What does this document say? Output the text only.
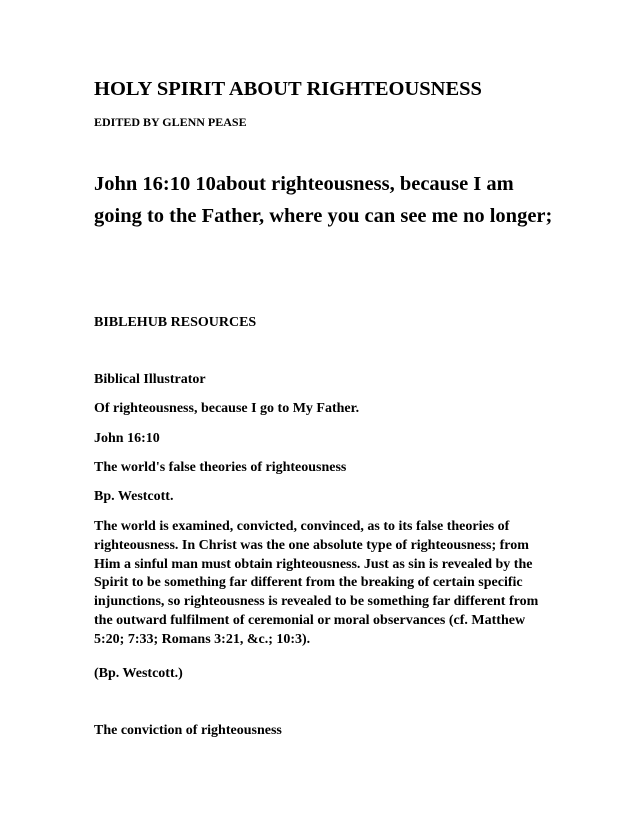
HOLY SPIRIT ABOUT RIGHTEOUSNESS

EDITED BY GLENN PEASE

John 16:10 10about righteousness, because I am going to the Father, where you can see me no longer;

BIBLEHUB RESOURCES

Biblical Illustrator

Of righteousness, because I go to My Father.

John 16:10

The world's false theories of righteousness

Bp. Westcott.

The world is examined, convicted, convinced, as to its false theories of righteousness. In Christ was the one absolute type of righteousness; from Him a sinful man must obtain righteousness. Just as sin is revealed by the Spirit to be something far different from the breaking of certain specific injunctions, so righteousness is revealed to be something far different from the outward fulfilment of ceremonial or moral observances (cf. Matthew 5:20; 7:33; Romans 3:21, &c.; 10:3).

(Bp. Westcott.)

The conviction of righteousness
